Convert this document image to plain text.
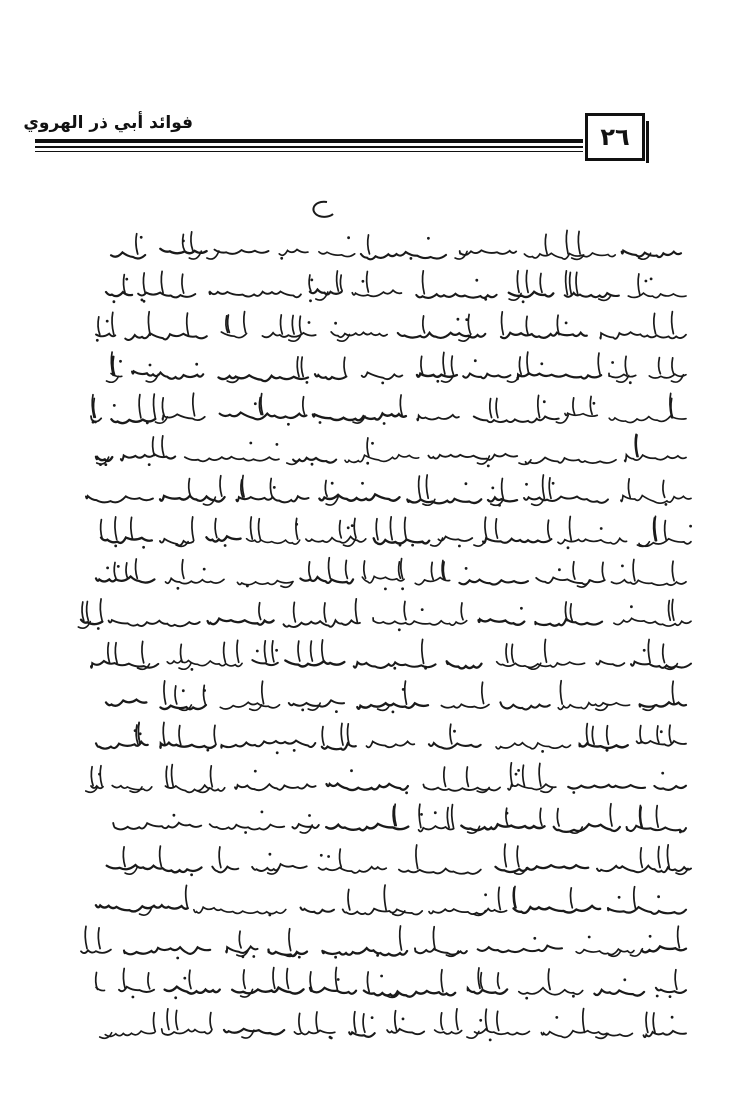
فوائد أبي ذر الهروي	٢٦
